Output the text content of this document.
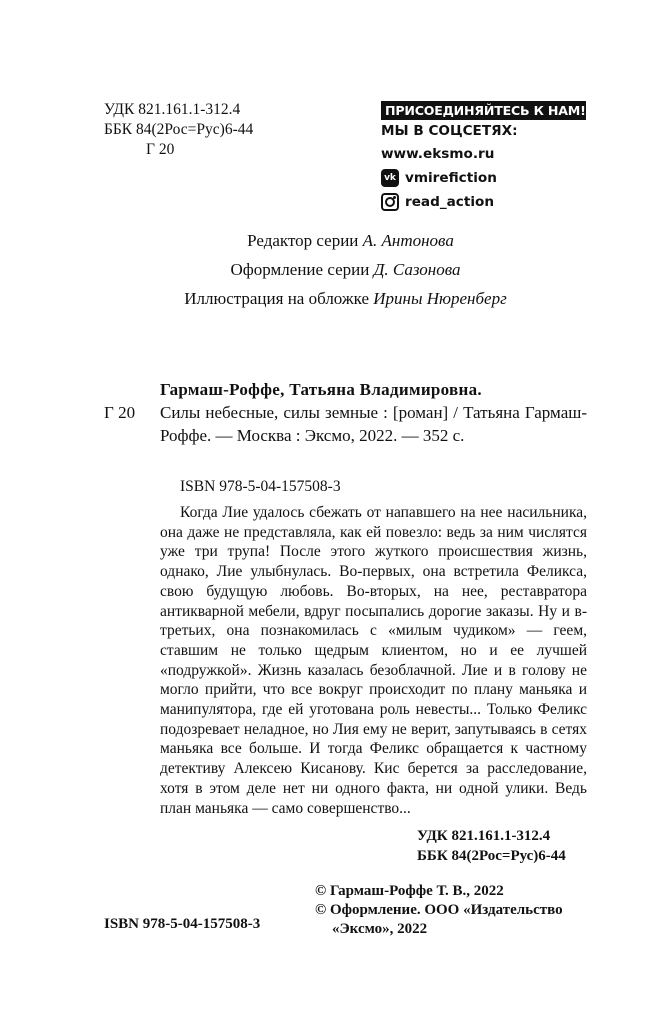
УДК 821.161.1-312.4
ББК 84(2Рос=Рус)6-44
Г 20
ПРИСОЕДИНЯЙТЕСЬ К НАМ!
МЫ В СОЦСЕТЯХ:
www.eksmo.ru
vk vmirefiction
read_action
Редактор серии А. Антонова
Оформление серии Д. Сазонова
Иллюстрация на обложке Ирины Нюренберг
Гармаш-Роффе, Татьяна Владимировна.
Силы небесные, силы земные : [роман] / Татьяна Гармаш-Роффе. — Москва : Эксмо, 2022. — 352 с.
Г 20
ISBN 978-5-04-157508-3
Когда Лие удалось сбежать от напавшего на нее насильника, она даже не представляла, как ей повезло: ведь за ним числятся уже три трупа! После этого жуткого происшествия жизнь, однако, Лие улыбнулась. Во-первых, она встретила Феликса, свою будущую любовь. Во-вторых, на нее, реставратора антикварной мебели, вдруг посыпались дорогие заказы. Ну и в-третьих, она познакомилась с «милым чудиком» — геем, ставшим не только щедрым клиентом, но и ее лучшей «подружкой». Жизнь казалась безоблачной. Лие и в голову не могло прийти, что все вокруг происходит по плану маньяка и манипулятора, где ей уготована роль невесты... Только Феликс подозревает неладное, но Лия ему не верит, запутываясь в сетях маньяка все больше. И тогда Феликс обращается к частному детективу Алексею Кисанову. Кис берется за расследование, хотя в этом деле нет ни одного факта, ни одной улики. Ведь план маньяка — само совершенство...
УДК 821.161.1-312.4
ББК 84(2Рос=Рус)6-44
© Гармаш-Роффе Т. В., 2022
© Оформление. ООО «Издательство
«Эксмо», 2022
ISBN 978-5-04-157508-3
